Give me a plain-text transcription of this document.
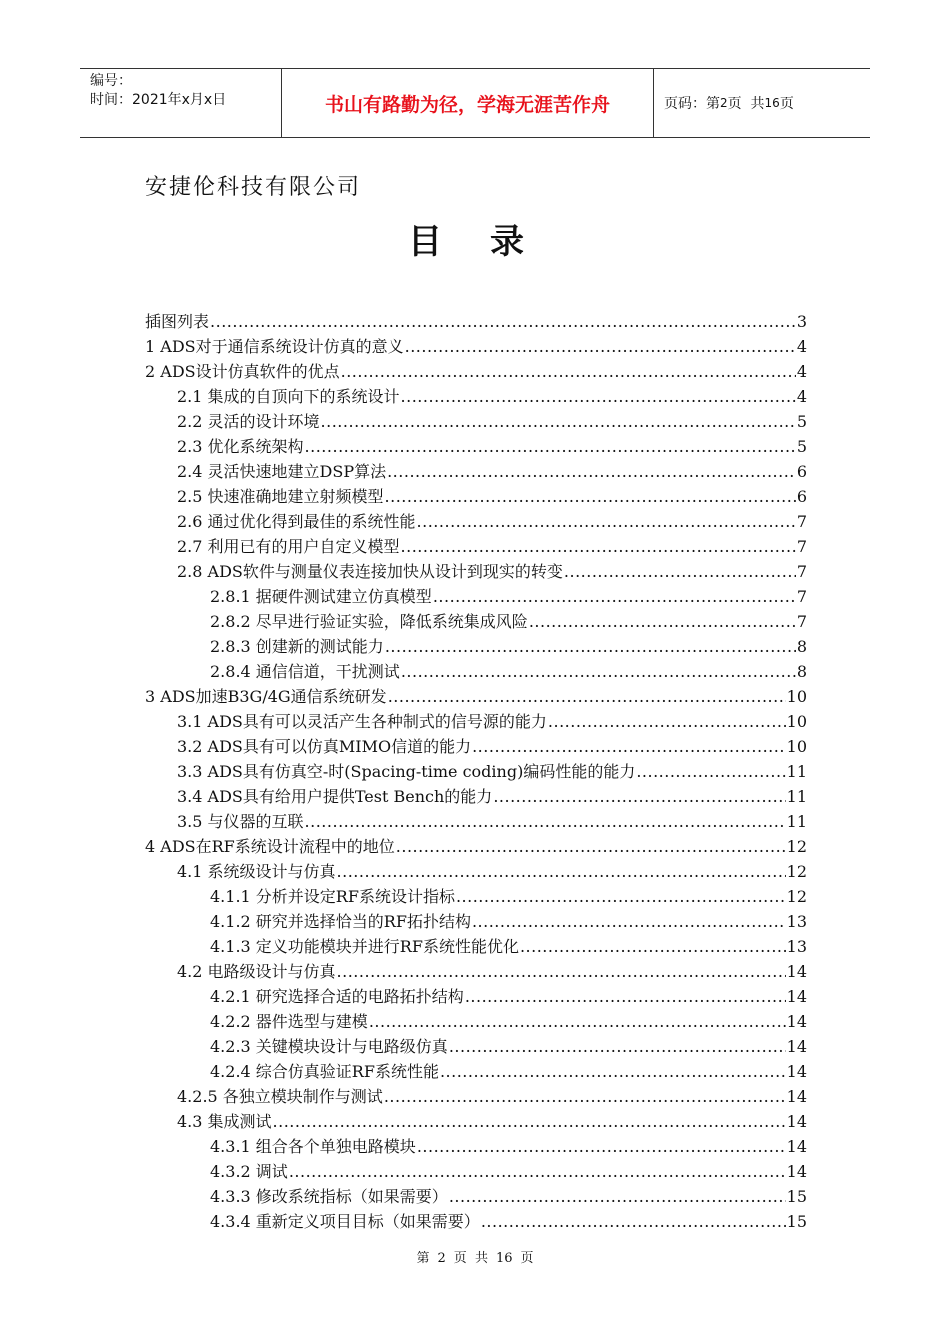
编号：
时间：2021年x月x日	书山有路勤为径，学海无涯苦作舟	页码：第 2 页  共 16 页
安捷伦科技有限公司
目录
插图列表 .....	3
1 ADS对于通信系统设计仿真的意义 .....	4
2 ADS设计仿真软件的优点 .....	4
2.1 集成的自顶向下的系统设计 .....	4
2.2 灵活的设计环境 .....	5
2.3 优化系统架构 .....	5
2.4 灵活快速地建立DSP算法 .....	6
2.5 快速准确地建立射频模型 .....	6
2.6 通过优化得到最佳的系统性能 .....	7
2.7 利用已有的用户自定义模型 .....	7
2.8 ADS软件与测量仪表连接加快从设计到现实的转变 .....	7
2.8.1 据硬件测试建立仿真模型 .....	7
2.8.2 尽早进行验证实验，降低系统集成风险 .....	7
2.8.3 创建新的测试能力 .....	8
2.8.4 通信信道，干扰测试 .....	8
3 ADS加速B3G/4G通信系统研发 .....	10
3.1 ADS具有可以灵活产生各种制式的信号源的能力 .....	10
3.2 ADS具有可以仿真MIMO信道的能力 .....	10
3.3 ADS具有仿真空-时(Spacing-time coding)编码性能的能力 .....	11
3.4 ADS具有给用户提供Test Bench的能力 .....	11
3.5 与仪器的互联 .....	11
4 ADS在RF系统设计流程中的地位 .....	12
4.1 系统级设计与仿真 .....	12
4.1.1 分析并设定RF系统设计指标 .....	12
4.1.2 研究并选择恰当的RF拓扑结构 .....	13
4.1.3 定义功能模块并进行RF系统性能优化 .....	13
4.2 电路级设计与仿真 .....	14
4.2.1 研究选择合适的电路拓扑结构 .....	14
4.2.2 器件选型与建模 .....	14
4.2.3 关键模块设计与电路级仿真 .....	14
4.2.4 综合仿真验证RF系统性能 .....	14
4.2.5 各独立模块制作与测试 .....	14
4.3 集成测试 .....	14
4.3.1 组合各个单独电路模块 .....	14
4.3.2 调试 .....	14
4.3.3 修改系统指标（如果需要） .....	15
4.3.4 重新定义项目目标（如果需要） .....	15
第 2 页  共 16 页
